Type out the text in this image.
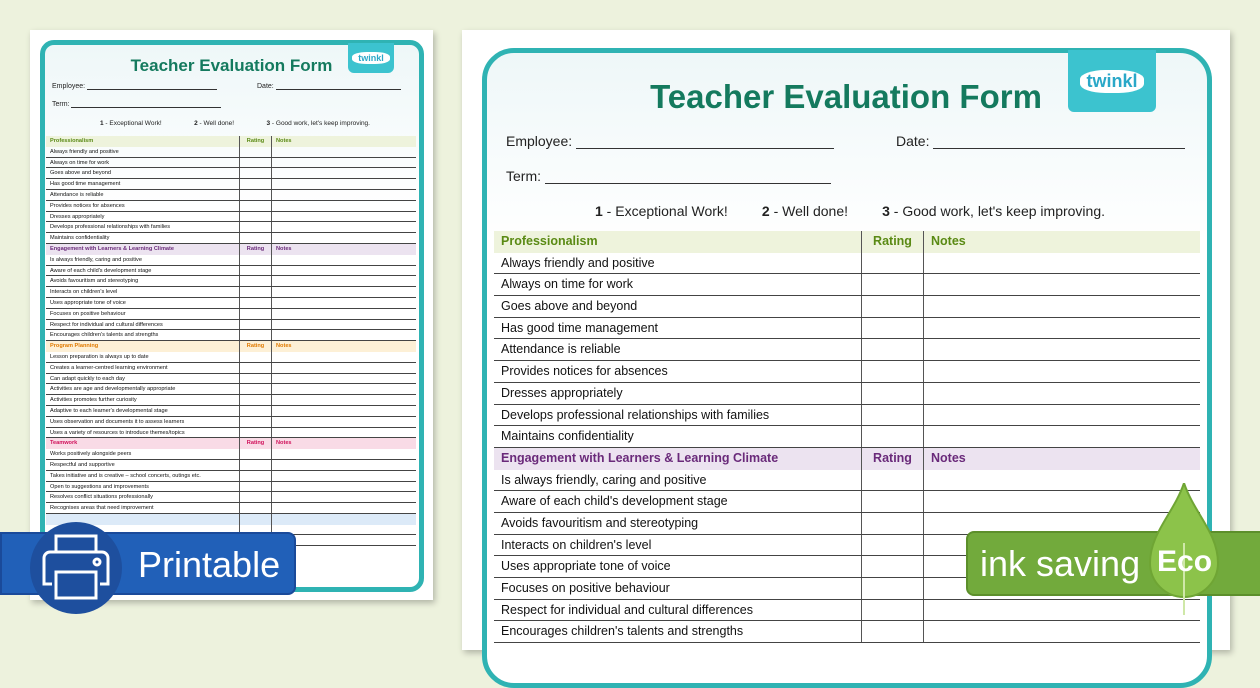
twinkl
Teacher Evaluation Form
Employee:	Date:
Term:
1 - Exceptional Work!	2 - Well done!	3 - Good work, let's keep improving.
Professionalism	Rating	Notes
Always friendly and positive
Always on time for work
Goes above and beyond
Has good time management
Attendance is reliable
Provides notices for absences
Dresses appropriately
Develops professional relationships with families
Maintains confidentiality
Engagement with Learners & Learning Climate	Rating	Notes
Is always friendly, caring and positive
Aware of each child's development stage
Avoids favouritism and stereotyping
Interacts on children's level
Uses appropriate tone of voice
Focuses on positive behaviour
Respect for individual and cultural differences
Encourages children's talents and strengths
Program Planning	Rating	Notes
Lesson preparation is always up to date
Creates a learner-centred learning environment
Can adapt quickly to each day
Activities are age and developmentally appropriate
Activities promotes further curiosity
Adaptive to each learner's developmental stage
Uses observation and documents it to assess learners
Uses a variety of resources to introduce themes/topics
Teamwork	Rating	Notes
Works positively alongside peers
Respectful and supportive
Takes initiative and is creative – school concerts, outings etc.
Open to suggestions and improvements
Resolves conflict situations professionally
Recognises areas that need improvement
twinkl
Teacher Evaluation Form
Employee:	Date:
Term:
1 - Exceptional Work! 2 - Well done! 3 - Good work, let's keep improving.
Professionalism	Rating	Notes
Always friendly and positive
Always on time for work
Goes above and beyond
Has good time management
Attendance is reliable
Provides notices for absences
Dresses appropriately
Develops professional relationships with families
Maintains confidentiality
Engagement with Learners & Learning Climate	Rating	Notes
Is always friendly, caring and positive
Aware of each child's development stage
Avoids favouritism and stereotyping
Interacts on children's level
Uses appropriate tone of voice
Focuses on positive behaviour
Respect for individual and cultural differences
Encourages children's talents and strengths
Printable	ink saving Eco
